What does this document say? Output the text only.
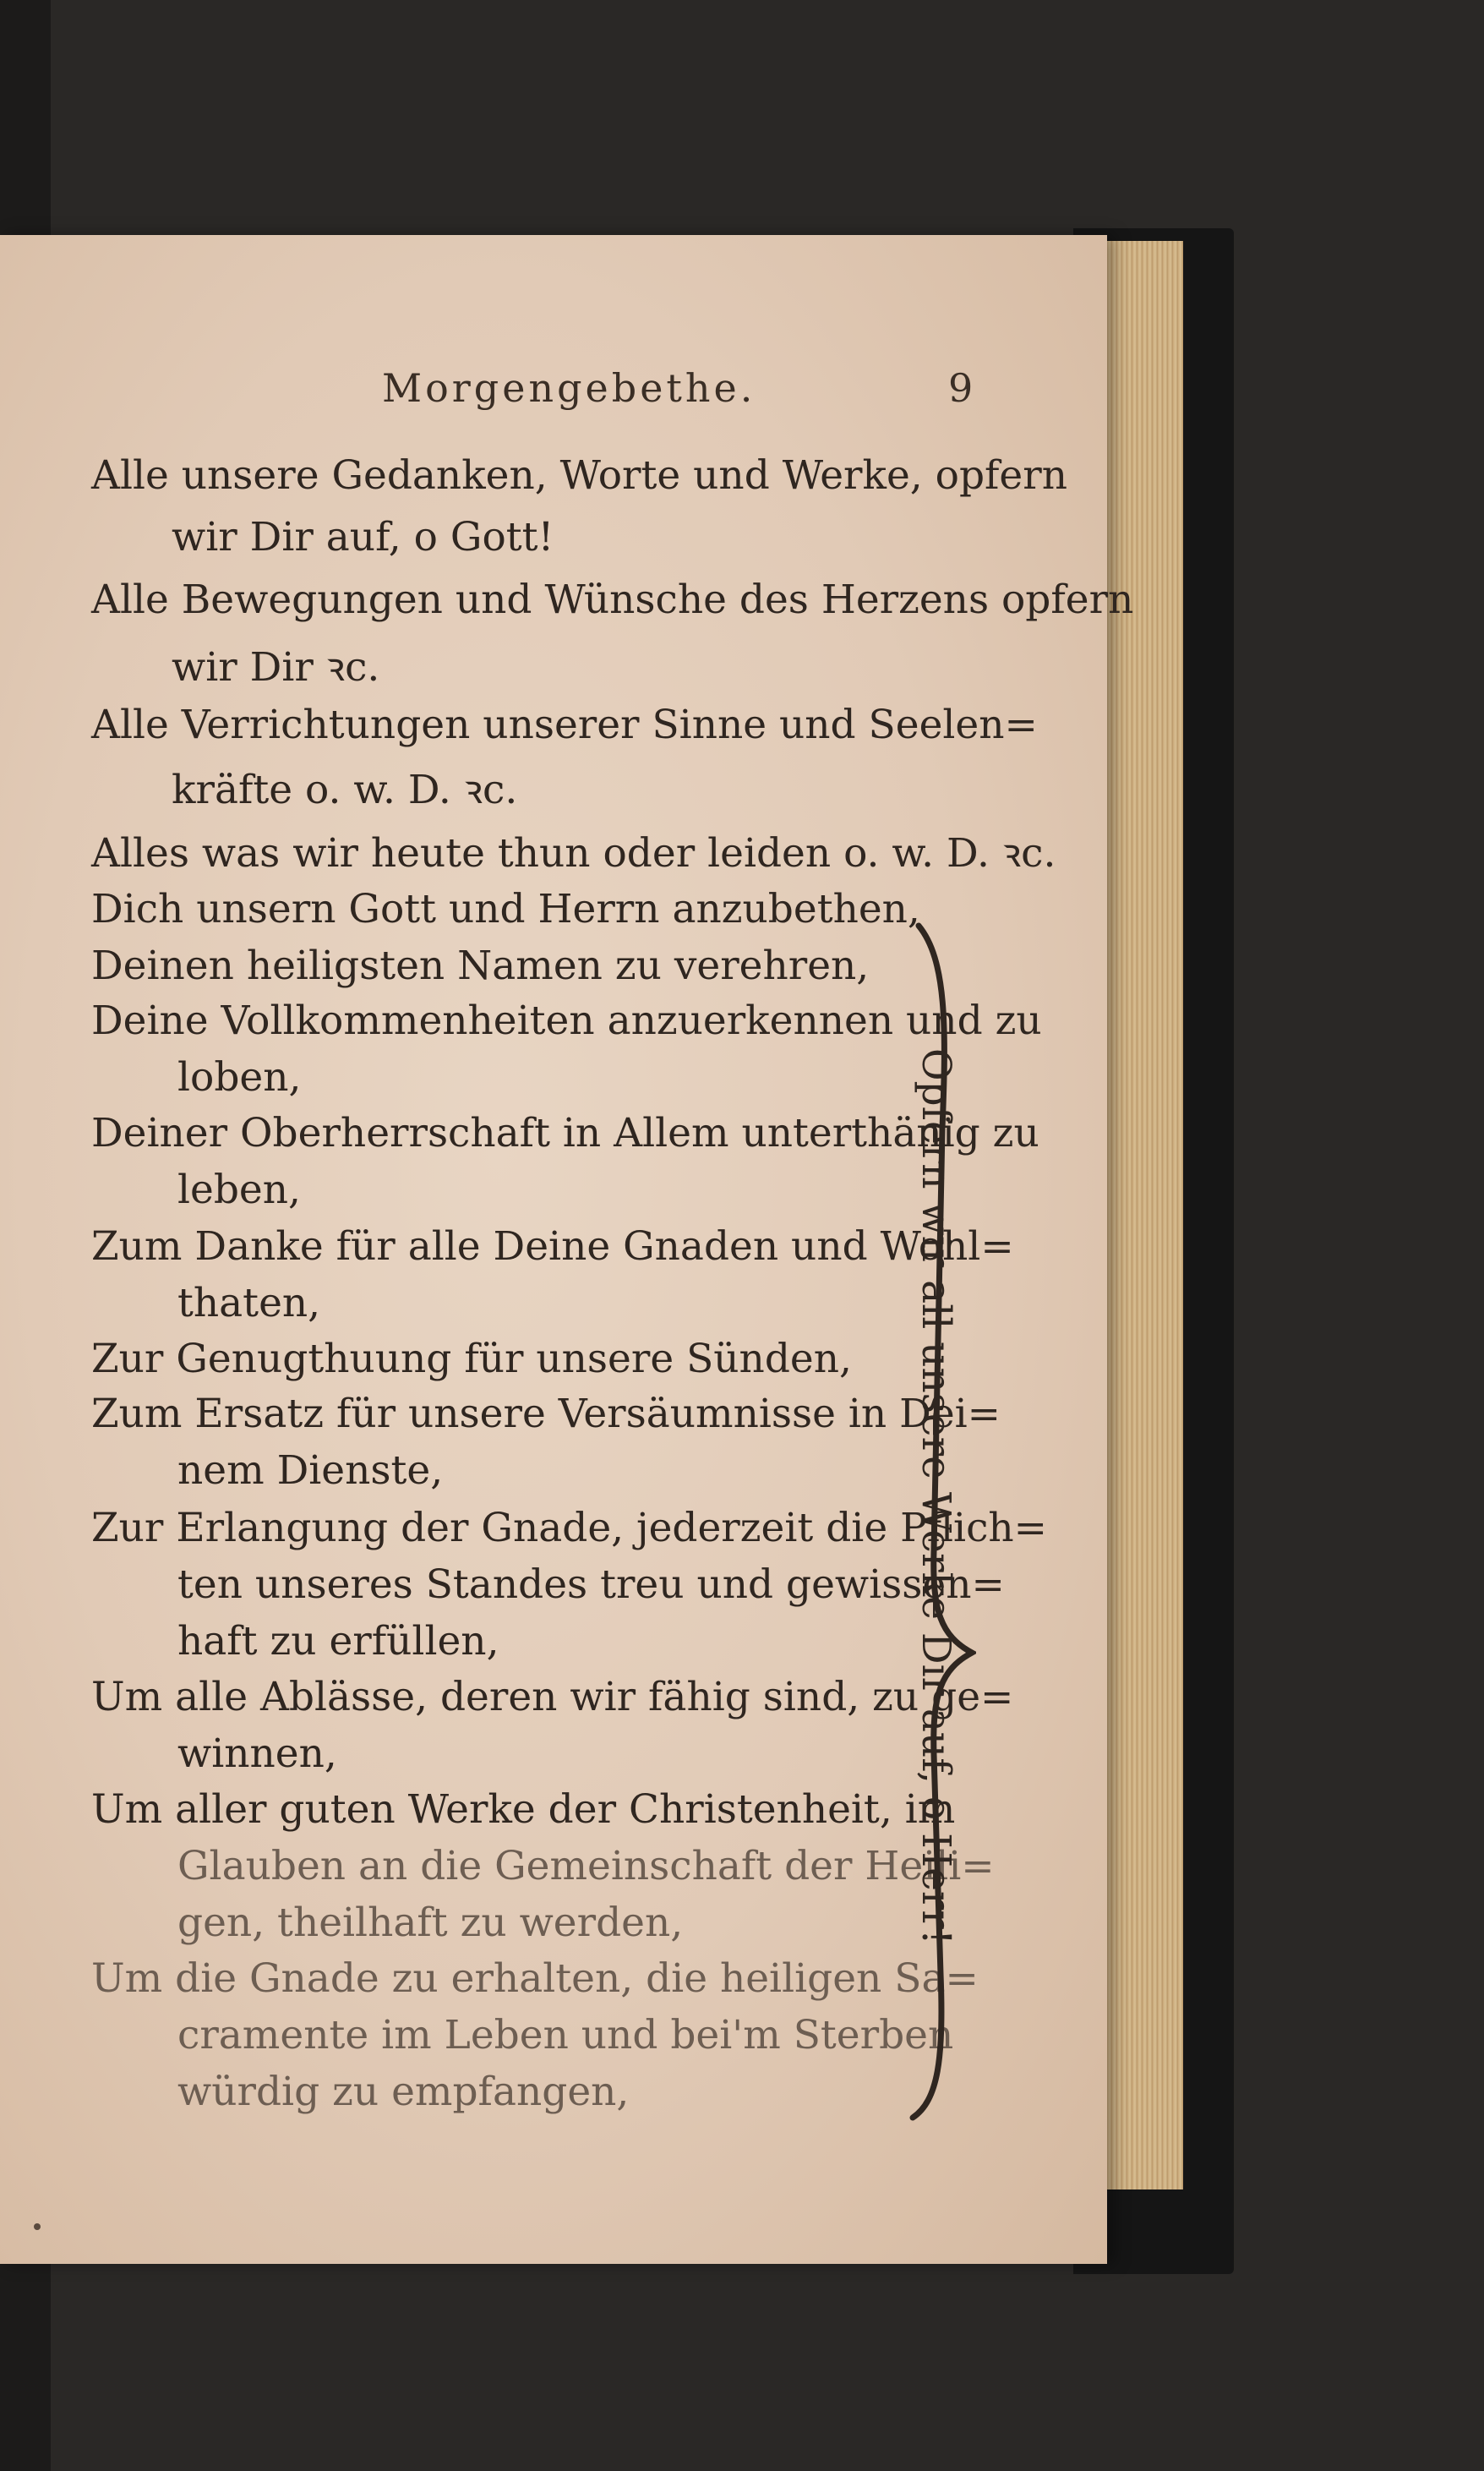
Morgengebethe.	9
Alle unsere Gedanken, Worte und Werke, opfern
wir Dir auf, o Gott!
Alle Bewegungen und Wünsche des Herzens opfern
wir Dir ꝛc.
Alle Verrichtungen unserer Sinne und Seelen=
kräfte o. w. D. ꝛc.
Alles was wir heute thun oder leiden o. w. D. ꝛc.
Dich unsern Gott und Herrn anzubethen,
Deinen heiligsten Namen zu verehren,
Deine Vollkommenheiten anzuerkennen und zu
loben,
Deiner Oberherrschaft in Allem unterthänig zu
leben,
Zum Danke für alle Deine Gnaden und Wohl=
thaten,
Zur Genugthuung für unsere Sünden,
Zum Ersatz für unsere Versäumnisse in Dei=
nem Dienste,
Zur Erlangung der Gnade, jederzeit die Pflich=
ten unseres Standes treu und gewissen=
haft zu erfüllen,
Um alle Ablässe, deren wir fähig sind, zu ge=
winnen,
Um aller guten Werke der Christenheit, im
Glauben an die Gemeinschaft der Heili=
gen, theilhaft zu werden,
Um die Gnade zu erhalten, die heiligen Sa=
cramente im Leben und bei'm Sterben
würdig zu empfangen,
Opfern wir all unsere Werke Dir auf, o Herr!
